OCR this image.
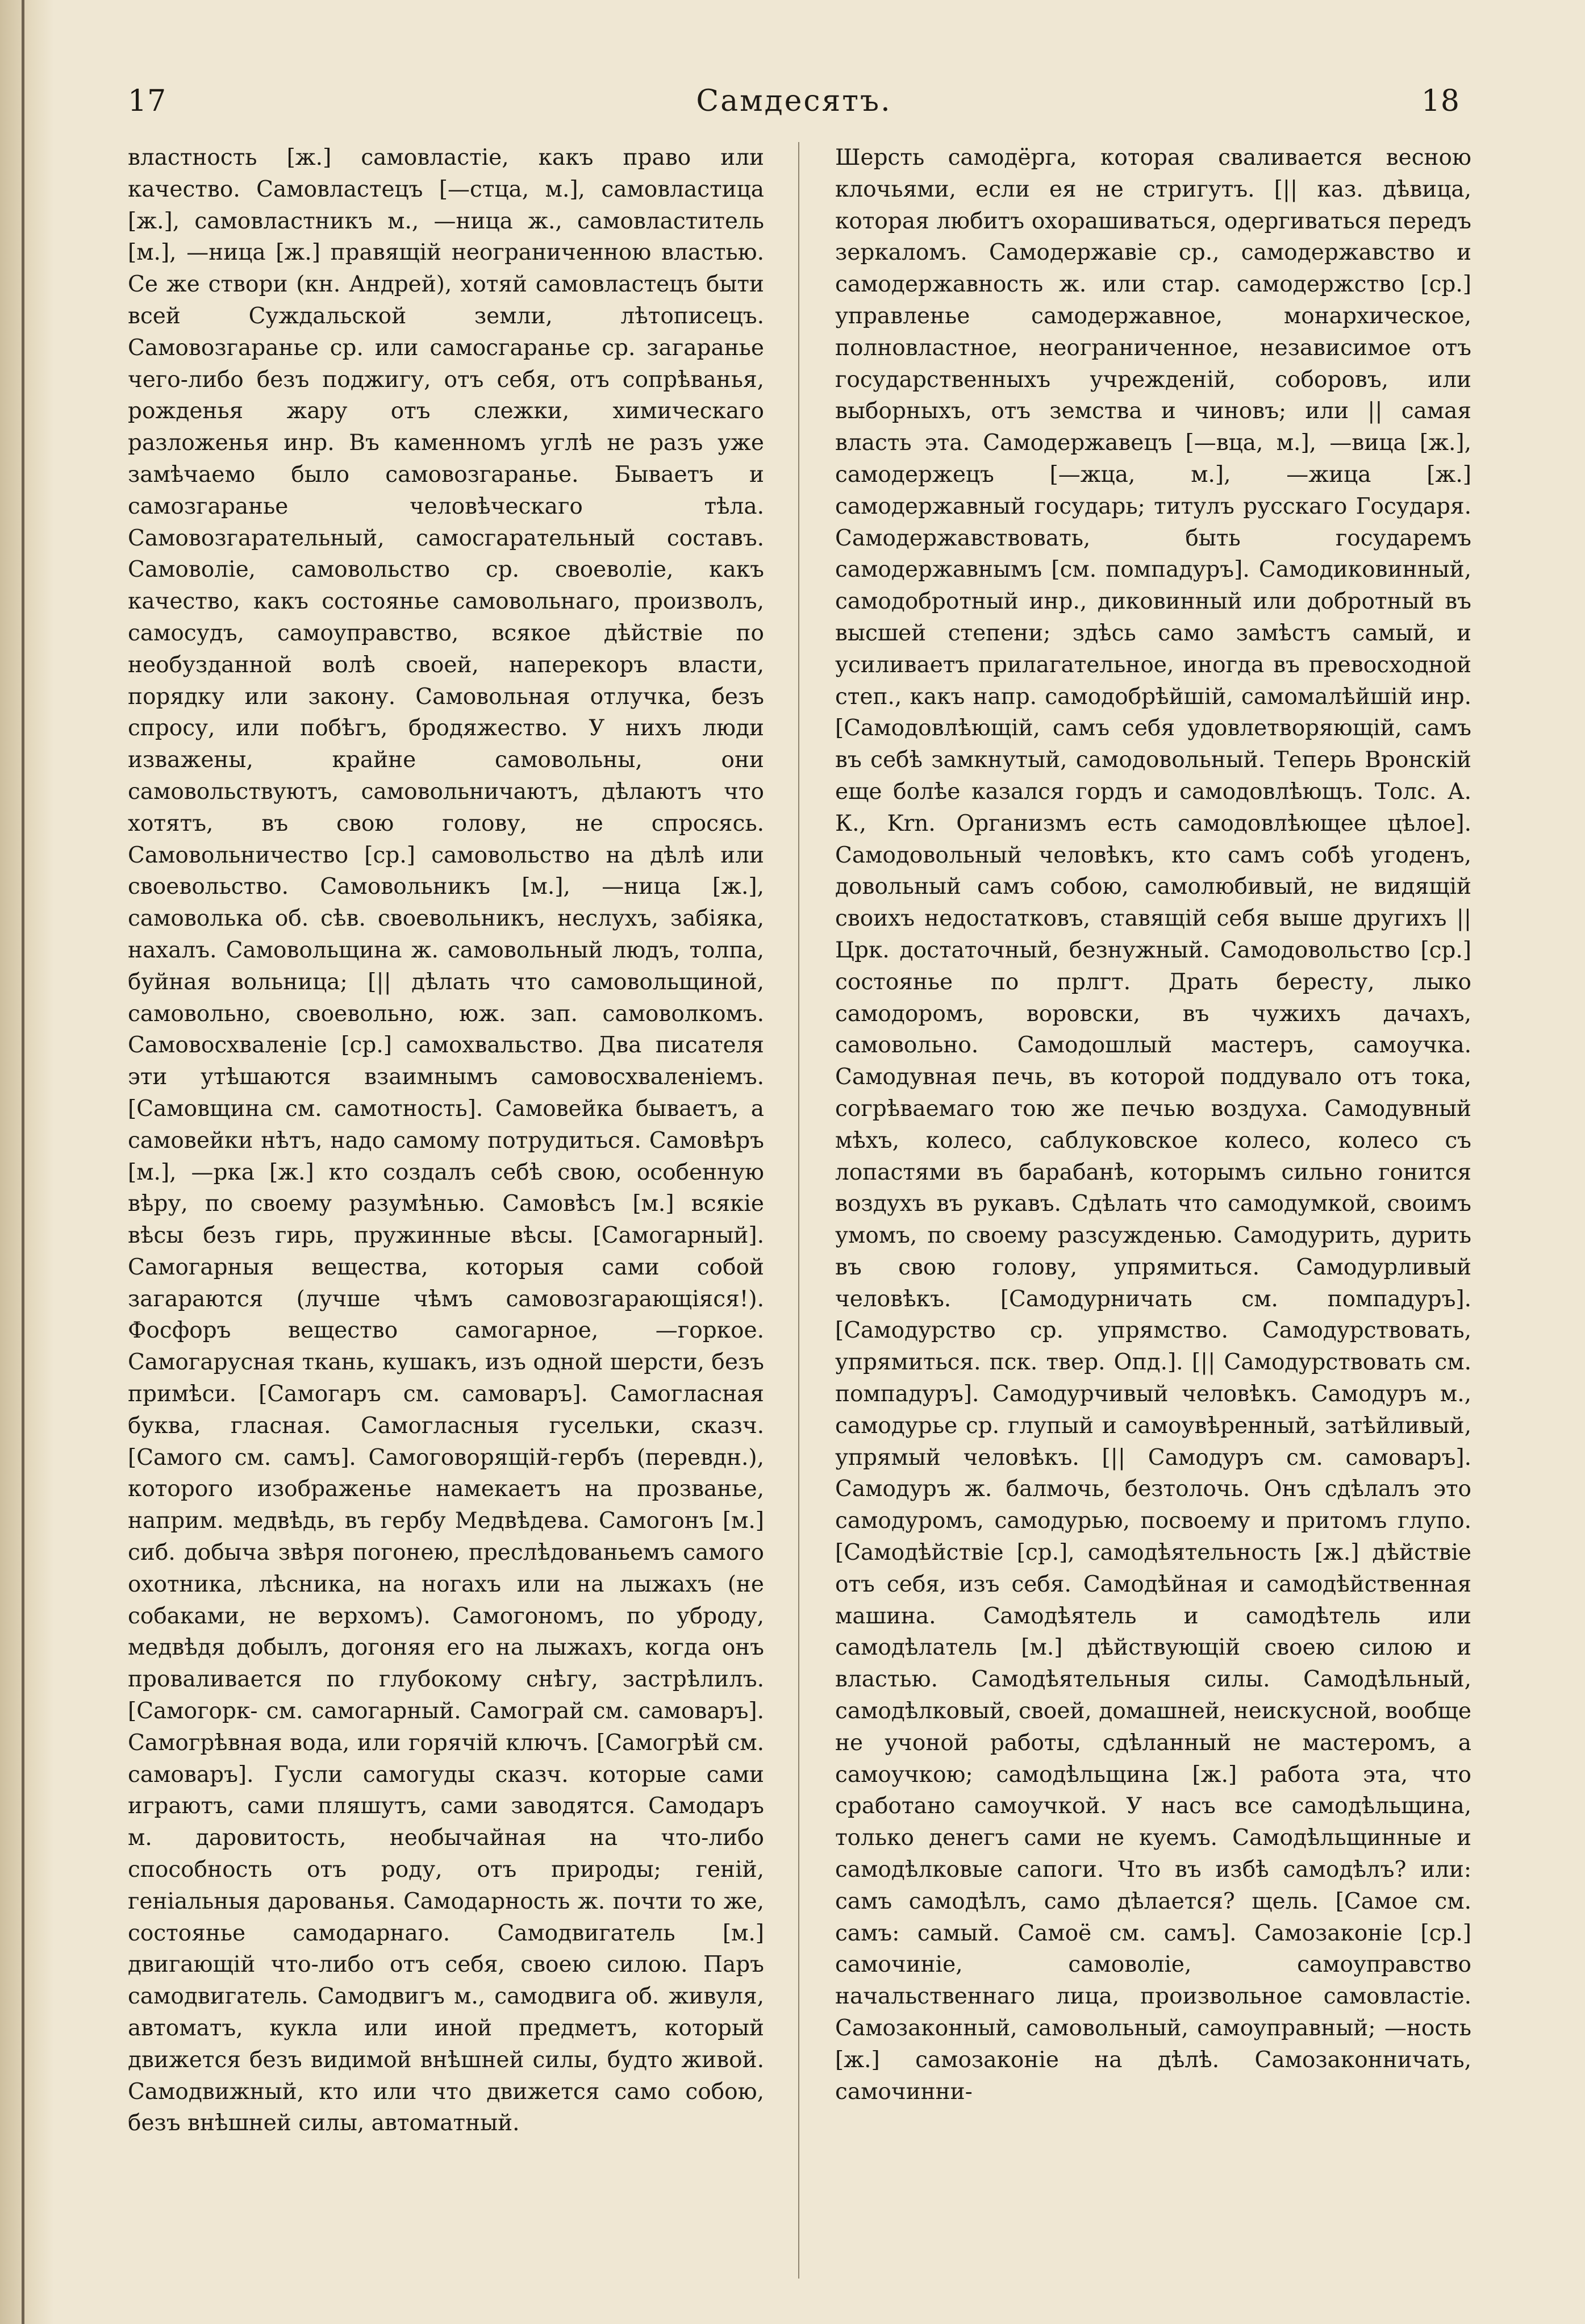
17	Самдесятъ.	18

властность [ж.] самовластіе, какъ право или качество. Самовластецъ [—стца, м.], самовластица [ж.], самовластникъ м., —ница ж., самовластитель [м.], —ница [ж.] правящій неограниченною властью. Се же створи (кн. Андрей), хотяй самовластецъ быти всей Суждальской земли, лѣтописецъ. Самовозгаранье ср. или самосгаранье ср. загаранье чего-либо безъ поджигу, отъ себя, отъ сопрѣванья, рожденья жару отъ слежки, химическаго разложенья инр. Въ каменномъ углѣ не разъ уже замѣчаемо было самовозгаранье. Бываетъ и самозгаранье человѣческаго тѣла. Самовозгарательный, самосгарательный составъ. Самоволіе, самовольство ср. своеволіе, какъ качество, какъ состоянье самовольнаго, произволъ, самосудъ, самоуправство, всякое дѣйствіе по необузданной волѣ своей, наперекоръ власти, порядку или закону. Самовольная отлучка, безъ спросу, или побѣгъ, бродяжество. У нихъ люди изважены, крайне самовольны, они самовольствуютъ, самовольничаютъ, дѣлаютъ что хотятъ, въ свою голову, не спросясь. Самовольничество [ср.] самовольство на дѣлѣ или своевольство. Самовольникъ [м.], —ница [ж.], самоволька об. сѣв. своевольникъ, неслухъ, забіяка, нахалъ. Самовольщина ж. самовольный людъ, толпа, буйная вольница; [|| дѣлать что самовольщиной, самовольно, своевольно, юж. зап. самоволкомъ. Самовосхваленіе [ср.] самохвальство. Два писателя эти утѣшаются взаимнымъ самовосхваленіемъ. [Самовщина см. самотность]. Самовейка бываетъ, а самовейки нѣтъ, надо самому потрудиться. Самовѣръ [м.], —рка [ж.] кто создалъ себѣ свою, особенную вѣру, по своему разумѣнью. Самовѣсъ [м.] всякіе вѣсы безъ гирь, пружинные вѣсы. [Самогарный]. Самогарныя вещества, которыя сами собой загараются (лучше чѣмъ самовозгарающіяся!). Фосфоръ вещество самогарное, —горкое. Самогарусная ткань, кушакъ, изъ одной шерсти, безъ примѣси. [Самогаръ см. самоваръ]. Самогласная буква, гласная. Самогласныя гусельки, сказч. [Самого см. самъ]. Самоговорящій-гербъ (перевдн.), которого изображенье намекаетъ на прозванье, наприм. медвѣдь, въ гербу Медвѣдева. Самогонъ [м.] сиб. добыча звѣря погонею, преслѣдованьемъ самого охотника, лѣсника, на ногахъ или на лыжахъ (не собаками, не верхомъ). Самогономъ, по уброду, медвѣдя добылъ, догоняя его на лыжахъ, когда онъ проваливается по глубокому снѣгу, застрѣлилъ. [Самогорк- см. самогарный. Самограй см. самоваръ]. Самогрѣвная вода, или горячій ключъ. [Самогрѣй см. самоваръ]. Гусли самогуды сказч. которые сами играютъ, сами пляшутъ, сами заводятся. Самодаръ м. даровитость, необычайная на что-либо способность отъ роду, отъ природы; геній, геніальныя дарованья. Самодарность ж. почти то же, состоянье самодарнаго. Самодвигатель [м.] двигающій что-либо отъ себя, своею силою. Паръ самодвигатель. Самодвигъ м., самодвига об. живуля, автоматъ, кукла или иной предметъ, который движется безъ видимой внѣшней силы, будто живой. Самодвижный, кто или что движется само собою, безъ внѣшней силы, автоматный.

Шерсть самодёрга, которая сваливается весною клочьями, если ея не стригутъ. [|| каз. дѣвица, которая любитъ охорашиваться, одергиваться передъ зеркаломъ. Самодержавіе ср., самодержавство и самодержавность ж. или стар. самодержство [ср.] управленье самодержавное, монархическое, полновластное, неограниченное, независимое отъ государственныхъ учрежденій, соборовъ, или выборныхъ, отъ земства и чиновъ; или || самая власть эта. Самодержавецъ [—вца, м.], —вица [ж.], самодержецъ [—жца, м.], —жица [ж.] самодержавный государь; титулъ русскаго Государя. Самодержавствовать, быть государемъ самодержавнымъ [см. помпадуръ]. Самодиковинный, самодобротный инр., диковинный или добротный въ высшей степени; здѣсь само замѣстъ самый, и усиливаетъ прилагательное, иногда въ превосходной степ., какъ напр. самодобрѣйшій, самомалѣйшій инр. [Самодовлѣющій, самъ себя удовлетворяющій, самъ въ себѣ замкнутый, самодовольный. Теперь Вронскій еще болѣе казался гордъ и самодовлѣющъ. Толс. А. К., Krn. Организмъ есть самодовлѣющее цѣлое]. Самодовольный человѣкъ, кто самъ собѣ угоденъ, довольный самъ собою, самолюбивый, не видящій своихъ недостатковъ, ставящій себя выше другихъ || Црк. достаточный, безнужный. Самодовольство [ср.] состоянье по прлгт. Драть бересту, лыко самодоромъ, воровски, въ чужихъ дачахъ, самовольно. Самодошлый мастеръ, самоучка. Самодувная печь, въ которой поддувало отъ тока, согрѣваемаго тою же печью воздуха. Самодувный мѣхъ, колесо, саблуковское колесо, колесо съ лопастями въ барабанѣ, которымъ сильно гонится воздухъ въ рукавъ. Сдѣлать что самодумкой, своимъ умомъ, по своему разсужденью. Самодурить, дурить въ свою голову, упрямиться. Самодурливый человѣкъ. [Самодурничать см. помпадуръ]. [Самодурство ср. упрямство. Самодурствовать, упрямиться. пск. твер. Опд.]. [|| Самодурствовать см. помпадуръ]. Самодурчивый человѣкъ. Самодуръ м., самодурье ср. глупый и самоувѣренный, затѣйливый, упрямый человѣкъ. [|| Самодуръ см. самоваръ]. Самодуръ ж. балмочь, безтолочь. Онъ сдѣлалъ это самодуромъ, самодурью, посвоему и притомъ глупо. [Самодѣйствіе [ср.], самодѣятельность [ж.] дѣйствіе отъ себя, изъ себя. Самодѣйная и самодѣйственная машина. Самодѣятель и самодѣтель или самодѣлатель [м.] дѣйствующій своею силою и властью. Самодѣятельныя силы. Самодѣльный, самодѣлковый, своей, домашней, неискусной, вообще не учоной работы, сдѣланный не мастеромъ, а самоучкою; самодѣльщина [ж.] работа эта, что сработано самоучкой. У насъ все самодѣльщина, только денегъ сами не куемъ. Самодѣльщинные и самодѣлковые сапоги. Что въ избѣ самодѣлъ? или: самъ самодѣлъ, само дѣлается? щель. [Самое см. самъ: самый. Самоё см. самъ]. Самозаконіе [ср.] самочиніе, самоволіе, самоуправство начальственнаго лица, произвольное самовластіе. Самозаконный, самовольный, самоуправный; —ность [ж.] самозаконіе на дѣлѣ. Самозаконничать, самочинни-
